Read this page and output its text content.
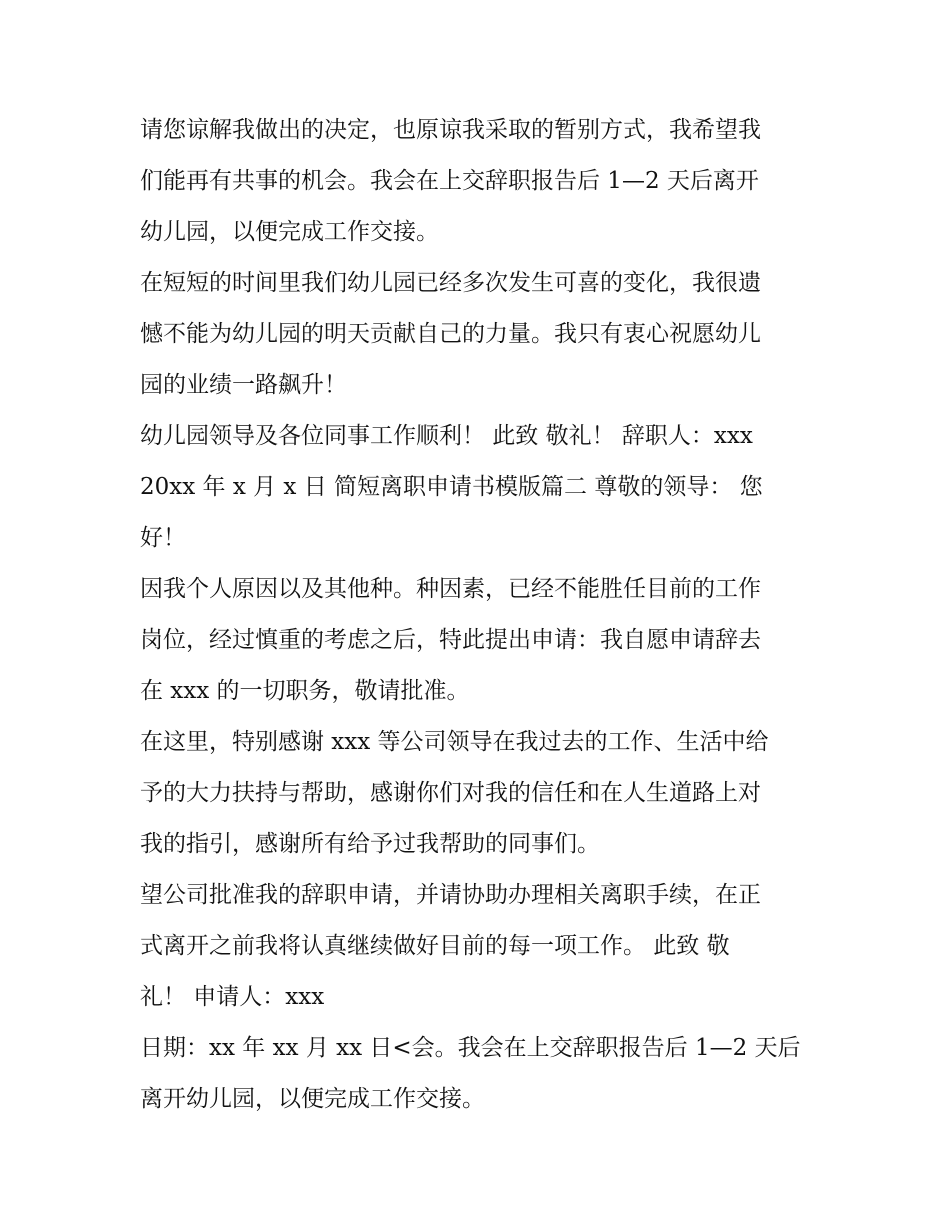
请您谅解我做出的决定，也原谅我采取的暂别方式，我希望我
们能再有共事的机会。我会在上交辞职报告后 1—2 天后离开
幼儿园，以便完成工作交接。
在短短的时间里我们幼儿园已经多次发生可喜的变化，我很遗
憾不能为幼儿园的明天贡献自己的力量。我只有衷心祝愿幼儿
园的业绩一路飙升！
幼儿园领导及各位同事工作顺利！ 此致 敬礼！ 辞职人：xxx
20xx 年 x 月 x 日 简短离职申请书模版篇二 尊敬的领导： 您
好！
因我个人原因以及其他种。种因素，已经不能胜任目前的工作
岗位，经过慎重的考虑之后，特此提出申请：我自愿申请辞去
在 xxx 的一切职务，敬请批准。
在这里，特别感谢 xxx 等公司领导在我过去的工作、生活中给
予的大力扶持与帮助，感谢你们对我的信任和在人生道路上对
我的指引，感谢所有给予过我帮助的同事们。
望公司批准我的辞职申请，并请协助办理相关离职手续，在正
式离开之前我将认真继续做好目前的每一项工作。 此致 敬
礼！ 申请人：xxx
日期：xx 年 xx 月 xx 日<会。我会在上交辞职报告后 1—2 天后
离开幼儿园，以便完成工作交接。
